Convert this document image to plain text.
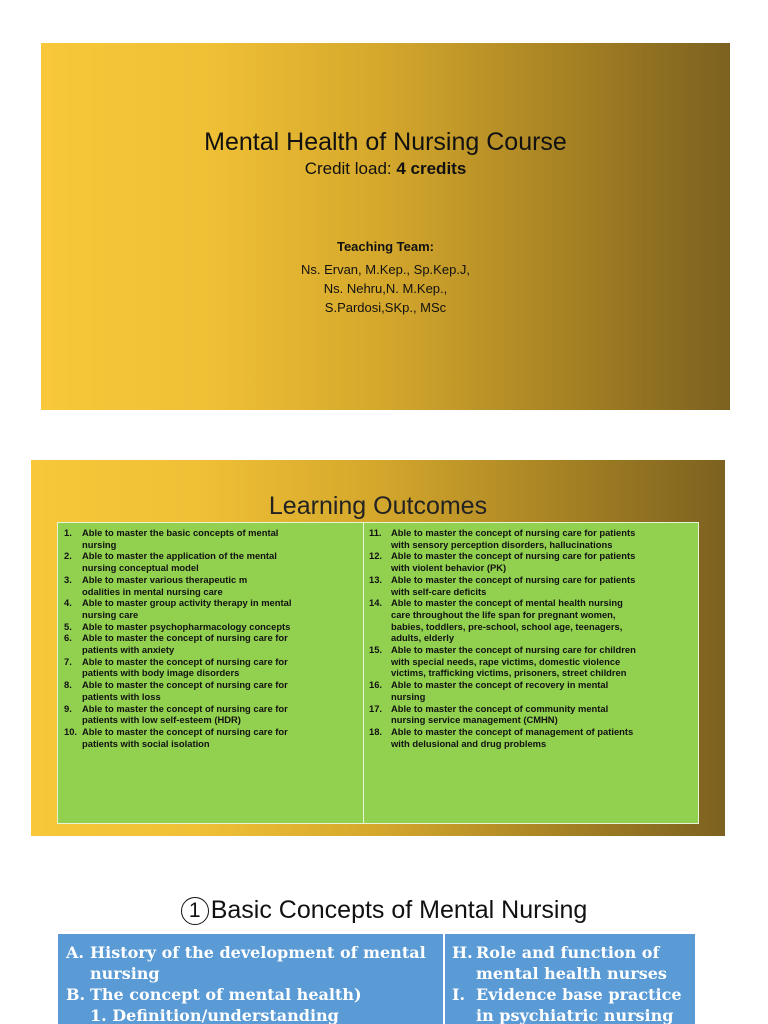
Mental Health of Nursing Course
Credit load: 4 credits
Teaching Team:
Ns. Ervan, M.Kep., Sp.Kep.J,
Ns. Nehru,N. M.Kep.,
S.Pardosi,SKp., MSc
Learning Outcomes
1.	Able to master the basic concepts of mental
nursing
2.	Able to master the application of the mental
nursing conceptual model
3.	Able to master various therapeutic m
odalities in mental nursing care
4.	Able to master group activity therapy in mental
nursing care
5.	Able to master psychopharmacology concepts
6.	Able to master the concept of nursing care for
patients with anxiety
7.	Able to master the concept of nursing care for
patients with body image disorders
8.	Able to master the concept of nursing care for
patients with loss
9.	Able to master the concept of nursing care for
patients with low self-esteem (HDR)
10. Able to master the concept of nursing care for
patients with social isolation
11.	Able to master the concept of nursing care for patients
with sensory perception disorders, hallucinations
12. Able to master the concept of nursing care for patients
with violent behavior (PK)
13. Able to master the concept of nursing care for patients
with self-care deficits
14. Able to master the concept of mental health nursing
care throughout the life span for pregnant women,
babies, toddlers, pre-school, school age, teenagers,
adults, elderly
15. Able to master the concept of nursing care for children
with special needs, rape victims, domestic violence
victims, trafficking victims, prisoners, street children
16. Able to master the concept of recovery in mental
nursing
17. Able to master the concept of community mental
nursing service management (CMHN)
18. Able to master the concept of management of patients
with delusional and drug problems
1 Basic Concepts of Mental Nursing
A. History of the development of mental
nursing
B. The concept of mental health)
1. Definition/understanding
H. Role and function of
mental health nurses
I. Evidence base practice
in psychiatric nursing
